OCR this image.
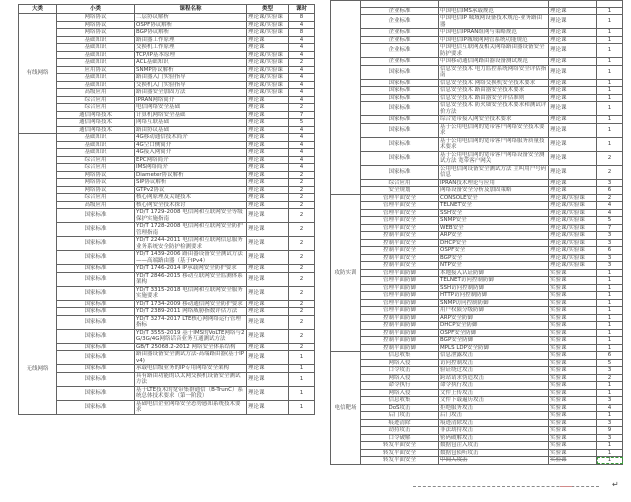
大类	小类	课程名称	类型	课时
有线网络	网络协议	二层协议解析	理论课/实验课	8
	网络协议	OSPF协议解析	理论课/实验课	4
	网络协议	BGP协议解析	理论课/实验课	8
	基础知识	路由器工作原理	理论课	4
	基础知识	交换机工作原理	理论课	4
	基础知识	TCP/IP基本原理	理论课/实验课	4
	基础知识	ACL基础知识	理论课/实验课	2
	应用协议	SNMP协议解析	理论课/实验课	4
	基础知识	路由器入门实验指导	理论课/实验课	4
	基础知识	交换机入门实验指导	理论课/实验课	4
	高级应用	路由器安全加固方法	理论课/实验课	4
	综合应用	IPRAN网络简介	理论课	4
	综合应用	电信网络安全基础	理论课	2
	通信网络技术	计算机网络安全基础	理论课	7
	通信网络技术	网络互联基础	理论课	5
	通信网络技术	路由协议基础	理论课	4
无线网络	基础知识	4G移动通信技术简介	理论课	4
	基础知识	4G空口侧简介	理论课	4
	基础知识	4G接入网简介	理论课	4
	综合应用	EPC网络简介	理论课	4
	综合应用	IMS网络简介	理论课	4
	网络协议	Diameter协议解析	理论课	2
	网络协议	SIP协议解析	理论课	2
	网络协议	GTPv2协议	理论课	2
	综合应用	核心网原理及关键技术	理论课	2
	高级应用	核心网安全技术探讨	理论课	2
	国家标准	YD/T 1729-2008 电信网和互联网安全等级保护实施指南	理论课	2
	国家标准	YD/T 1728-2008 电信网和互联网安全防护管理指南	理论课	2
	国家标准	YD/T 2244-2011 电信网和互联网信息服务业务系统安全防护检测要求	理论课	2
	国家标准	YD/T 1439-2006 路由器设备安全测试方法——高端路由器（基于IPv4）	理论课	2
	国家标准	YD/T 1746-2014 IP承载网安全防护要求	理论课	2
	国家标准	YD/T 2846-2015 移动互联网安全监测体系架构	理论课	2
	国家标准	YD/T 3315-2018 电信网和互联网安全服务实施要求	理论课	2
	国家标准	YD/T 1734-2009 移动通信网安全防护要求	理论课	2
	国家标准	YD/T 2389-2011 网络威胁指数评估方法	理论课	2
	国家标准	YD/T 3274-2017 LTE核心网网络运行管理指标	理论课	2
	国家标准	YD/T 3555-2019 基于IMS的VoLTE网络与2G/3G/4G网络话音业务互通测试方法	理论课	2
	国家标准	GB/T 25068.2-2012 网络安全体系结构	理论课	2
	国家标准	路由器设备安全测试方法-高端路由器(基于IPv4)	理论课	1
	国家标准	承载电信级业务的IP专用网络安全架构	理论课	1
	国家标准	具有路由功能的以太网交换机设备安全测试方法	理论课	1
	国家标准	基于LTE技术的宽带集群通信（B-TrunC）系统总体技术要求（第一阶段）	理论课	1
	国家标准	基础电信企业网络安全态势感知系统技术要求	理论课	1

	企业标准	中国电信IMS承载规范	理论课	1
	企业标准	中国电信IP 城域网设备技术规范-业务路由器	理论课	1
	企业标准	中国电信IPRAN组网与策略规范	理论课	1
	企业标准	中国电信IP城域网网管系统功能规范	理论课	1
	企业标准	中国电信互联网及相关网络路由器设备安全防护要求	理论课	1
	企业标准	中国移动通信网路由器设备测试规范	理论课	1
	国家标准	信息安全技术 电力监控系统网络安全评估指南	理论课	1
	国家标准	信息安全技术 网络交换机安全技术要求	理论课	1
	国家标准	信息安全技术 路由器安全技术要求	理论课	1
	国家标准	信息安全技术 路由器安全评估准则	理论课	1
	国家标准	信息安全技术 防火墙安全技术要求和测试评价方法	理论课	1
	国家标准	综合宽带接入网安全技术要求	理论课	1
	国家标准	基于公用电信网的宽带客户网络安全技术要求	理论课	1
	国家标准	基于公用电信网的宽带客户网络服务质量技术要求	理论课	1
	国家标准	基于公用电信网的宽带客户网络设备安全测试方法 宽带客户网关	理论课	2
	国家标准	公用电信网设备安全测试方法 主叫用户号码信息	理论课	2
	综合应用	IPRAN技术理论与应用	理论课	3
	安全规划	网络设备安全分析及加固策略	理论课	6
攻防实训	管理平面安全	CONSOLE安全	理论课/实验课	2
	管理平面安全	TELNET安全	理论课/实验课	4
	管理平面安全	SSH安全	理论课/实验课	4
	管理平面安全	SNMP安全	理论课/实验课	5
	管理平面安全	WEB安全	理论课/实验课	7
	控制平面安全	ARP安全	理论课/实验课	3
	控制平面安全	DHCP安全	理论课/实验课	3
	控制平面安全	OSPF安全	理论课/实验课	6
	控制平面安全	BGP安全	理论课/实验课	3
	控制平面安全	NTP安全	理论课/实验课	3
	管理平面防御	本地接入认证防御	实验课	1
	管理平面防御	TELNET访问控制防御	实验课	1
	管理平面防御	SSH访问控制防御	实验课	1
	管理平面防御	HTTP访问控制防御	实验课	1
	管理平面防御	SNMP访问控制防御	实验课	1
	管理平面防御	用户权限分级防御	实验课	1
	控制平面防御	ARP安全防御	实验课	1
	控制平面防御	DHCP安全防御	实验课	1
	控制平面防御	OSPF安全防御	实验课	1
	控制平面防御	BGP安全防御	实验课	1
	控制平面防御	MPLS LDP安全防御	实验课	1
电信靶场	信息收集	信息泄露攻击	实验课	6
	网络入侵	访问控制攻击	实验课	5
	口令攻击	验证绕过攻击	实验课	3
	网络入侵	跨站请求伪造攻击	实验课	2
	命令执行	命令执行攻击	实验课	1
	网络入侵	文件上传攻击	实验课	1
	信息收集	文件下载遍历攻击	实验课	3
	DoS攻击	拒绝服务攻击	实验课	4
	后门攻击	后门攻击	实验课	1
	痕迹清除	痕迹清除攻击	实验课	3
	劫持攻击	非法劫持攻击	实验课	9
	口令破解	密码破解攻击	实验课	3
	转发平面安全	数据包注入攻击	实验课	1
	转发平面安全	数据包侦听攻击	实验课	1
	转发平面安全	中间人攻击	实验课	1
↵
